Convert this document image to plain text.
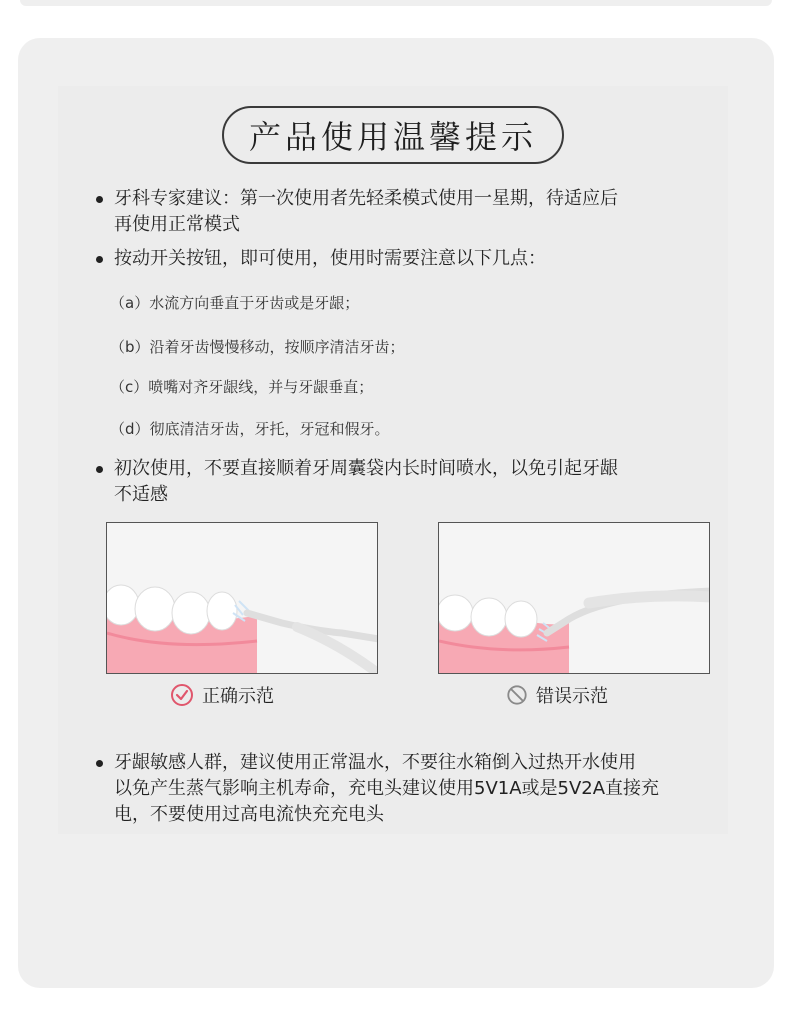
产品使用温馨提示
牙科专家建议：第一次使用者先轻柔模式使用一星期，待适应后
再使用正常模式
按动开关按钮，即可使用，使用时需要注意以下几点：
（a）水流方向垂直于牙齿或是牙龈；
（b）沿着牙齿慢慢移动，按顺序清洁牙齿；
（c）喷嘴对齐牙龈线，并与牙龈垂直；
（d）彻底清洁牙齿，牙托，牙冠和假牙。
初次使用，不要直接顺着牙周囊袋内长时间喷水，以免引起牙龈
不适感
正确示范	错误示范
牙龈敏感人群，建议使用正常温水，不要往水箱倒入过热开水使用
以免产生蒸气影响主机寿命，充电头建议使用5V1A或是5V2A直接充
电，不要使用过高电流快充充电头
